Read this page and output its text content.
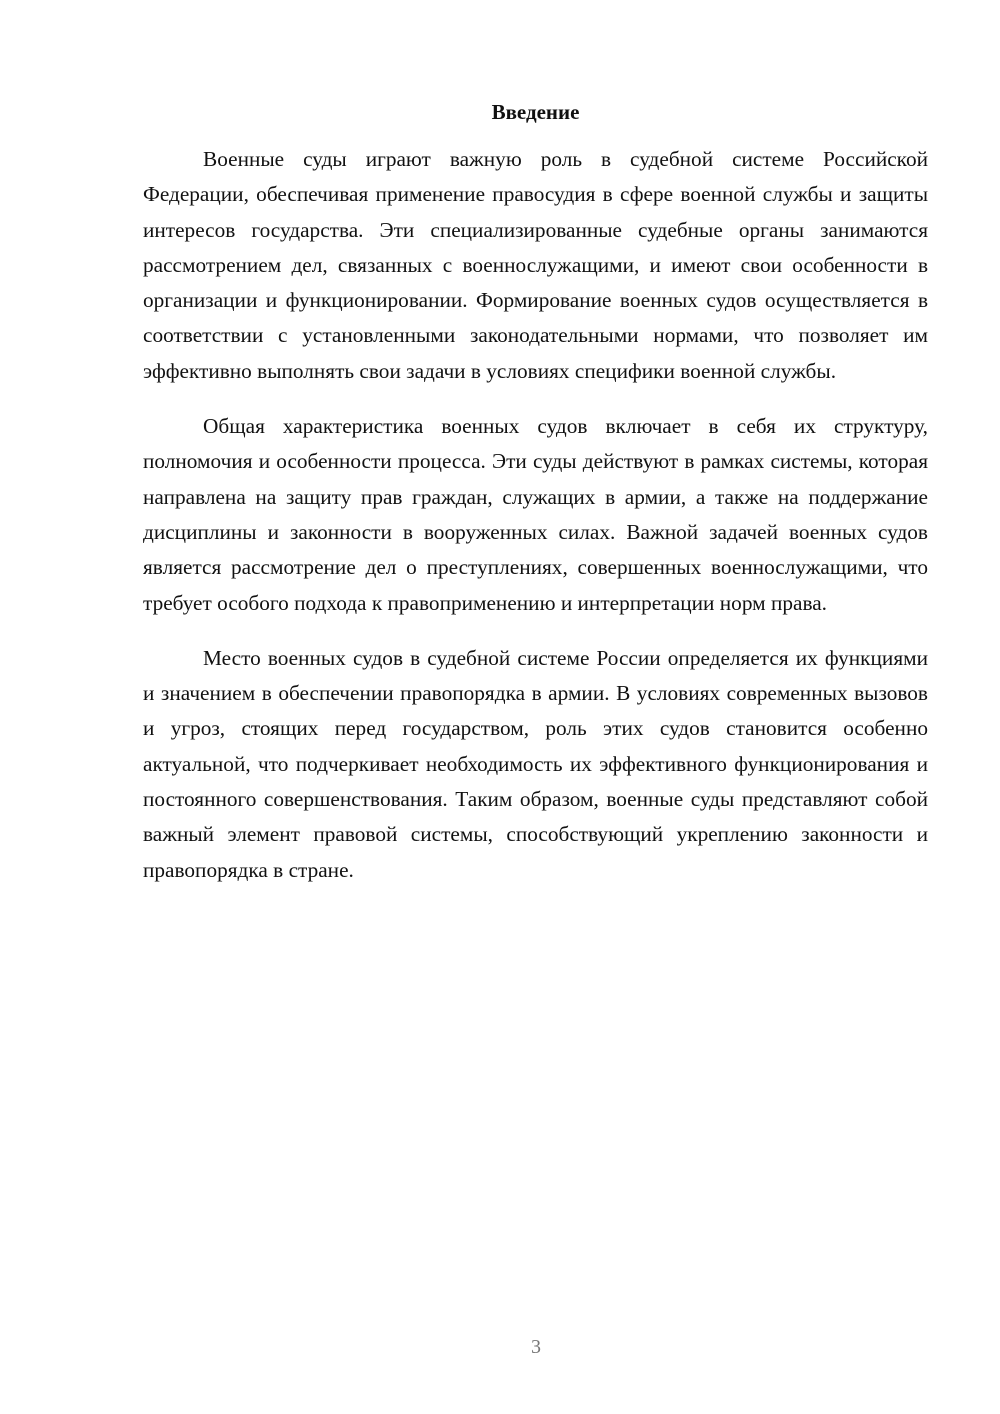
Введение

Военные суды играют важную роль в судебной системе Российской Федерации, обеспечивая применение правосудия в сфере военной службы и защиты интересов государства. Эти специализированные судебные органы занимаются рассмотрением дел, связанных с военнослужащими, и имеют свои особенности в организации и функционировании. Формирование военных судов осуществляется в соответствии с установленными законодательными нормами, что позволяет им эффективно выполнять свои задачи в условиях специфики военной службы.

Общая характеристика военных судов включает в себя их структуру, полномочия и особенности процесса. Эти суды действуют в рамках системы, которая направлена на защиту прав граждан, служащих в армии, а также на поддержание дисциплины и законности в вооруженных силах. Важной задачей военных судов является рассмотрение дел о преступлениях, совершенных военнослужащими, что требует особого подхода к правоприменению и интерпретации норм права.

Место военных судов в судебной системе России определяется их функциями и значением в обеспечении правопорядка в армии. В условиях современных вызовов и угроз, стоящих перед государством, роль этих судов становится особенно актуальной, что подчеркивает необходимость их эффективного функционирования и постоянного совершенствования. Таким образом, военные суды представляют собой важный элемент правовой системы, способствующий укреплению законности и правопорядка в стране.

3
